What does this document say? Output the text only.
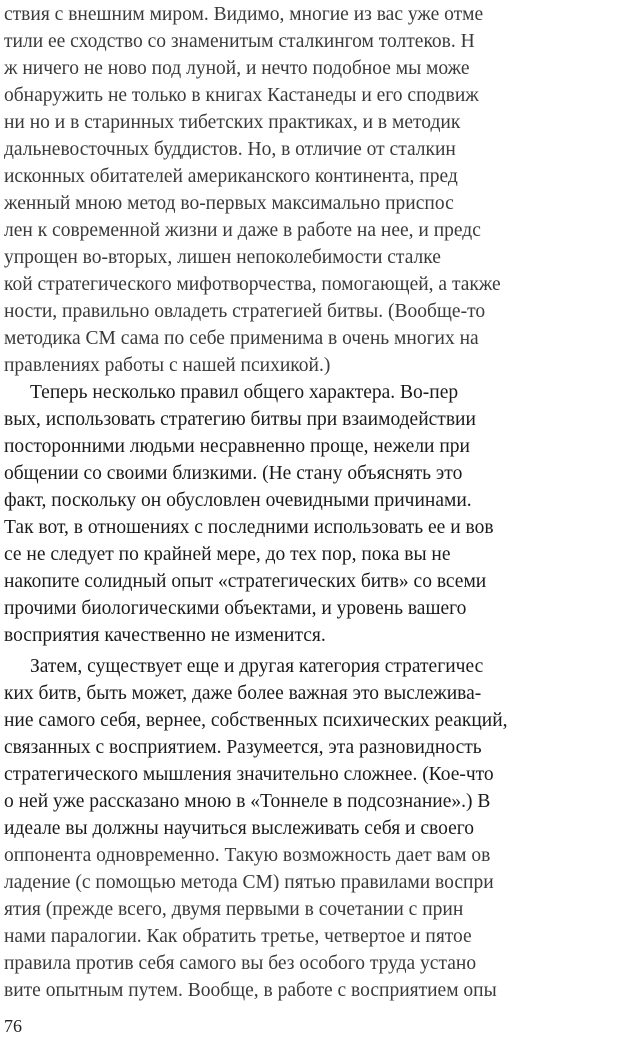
ствия с внешним миром. Видимо, многие из вас уже отме
тили ее сходство со знаменитым сталкингом толтеков. Н
ж ничего не ново под луной, и нечто подобное мы може
обнаружить не только в книгах Кастанеды и его сподвиж
ни но и в старинных тибетских практиках, и в методик
дальневосточных буддистов. Но, в отличие от сталкин
исконных обитателей американского континента, пред
женный мною метод во-первых максимально приспос
лен к современной жизни и даже в работе на нее, и предс
упрощен во-вторых, лишен непоколебимости сталке
кой стратегического мифотворчества, помогающей, а также
ности, правильно овладеть стратегией битвы. (Вообще-то
методика СМ сама по себе применима в очень многих на
правлениях работы с нашей психикой.)
Теперь несколько правил общего характера. Во-пер
вых, использовать стратегию битвы при взаимодействии
посторонними людьми несравненно проще, нежели при
общении со своими близкими. (Не стану объяснять это
факт, поскольку он обусловлен очевидными причинами.
Так вот, в отношениях с последними использовать ее и вов
се не следует по крайней мере, до тех пор, пока вы не
накопите солидный опыт «стратегических битв» со всеми
прочими биологическими объектами, и уровень вашего
восприятия качественно не изменится.
Затем, существует еще и другая категория стратегичес
ких битв, быть может, даже более важная это выслежива-
ние самого себя, вернее, собственных психических реакций,
связанных с восприятием. Разумеется, эта разновидность
стратегического мышления значительно сложнее. (Кое-что
о ней уже рассказано мною в «Тоннеле в подсознание».) В
идеале вы должны научиться выслеживать себя и своего
оппонента одновременно. Такую возможность дает вам ов
ладение (с помощью метода СМ) пятью правилами воспри
ятия (прежде всего, двумя первыми в сочетании с прин
нами паралогии. Как обратить третье, четвертое и пятое
правила против себя самого вы без особого труда устано
вите опытным путем. Вообще, в работе с восприятием опы
76
